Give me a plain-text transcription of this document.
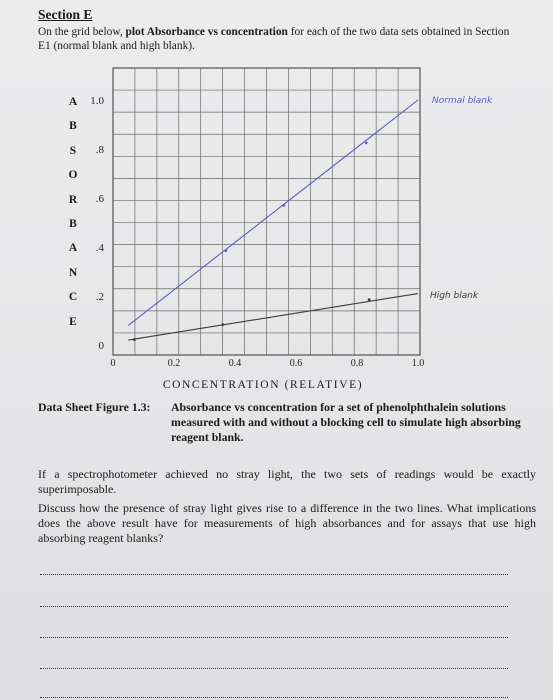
Section E
On the grid below, plot Absorbance vs concentration for each of the two data sets obtained in Section E1 (normal blank and high blank).
A
B
S
O
R
B
A
N
C
E
1.0
.8
.6
.4
.2
0
0	0.2	0.4	0.6	0.8	1.0
CONCENTRATION (RELATIVE)
Normal blank
High blank
Data Sheet Figure 1.3: Absorbance vs concentration for a set of phenolphthalein solutions measured with and without a blocking cell to simulate high absorbing reagent blank.

If a spectrophotometer achieved no stray light, the two sets of readings would be exactly superimposable.

Discuss how the presence of stray light gives rise to a difference in the two lines. What implications does the above result have for measurements of high absorbances and for assays that use high absorbing reagent blanks?
